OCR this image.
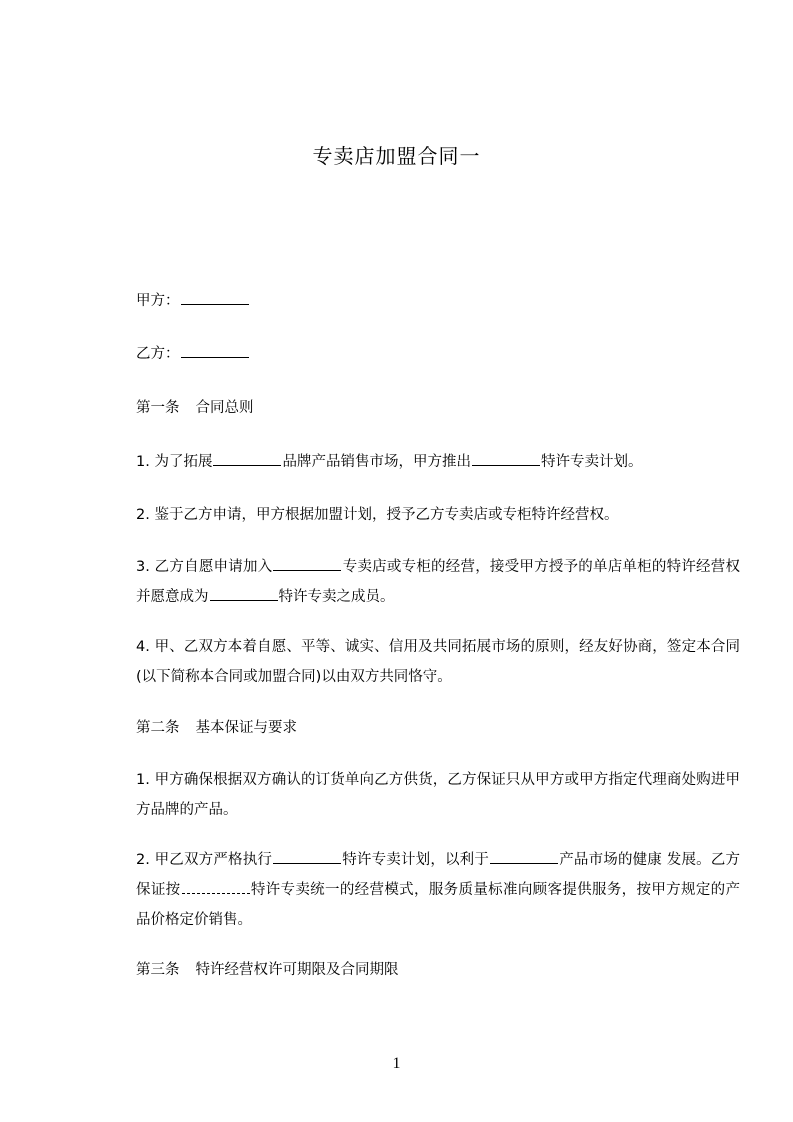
专卖店加盟合同一

甲方：

乙方：

第一条 合同总则

1. 为了拓展	品牌产品销售市场，甲方推出	特许专卖计划。

2. 鉴于乙方申请，甲方根据加盟计划，授予乙方专卖店或专柜特许经营权。

3. 乙方自愿申请加入	专卖店或专柜的经营，接受甲方授予的单店单柜的特许经营权并愿意成为	特许专卖之成员。

4. 甲、乙双方本着自愿、平等、诚实、信用及共同拓展市场的原则，经友好协商，签定本合同(以下简称本合同或加盟合同)以由双方共同恪守。

第二条 基本保证与要求

1. 甲方确保根据双方确认的订货单向乙方供货，乙方保证只从甲方或甲方指定代理商处购进甲方品牌的产品。

2. 甲乙双方严格执行	特许专卖计划，以利于	产品市场的健康 发展。乙方保证按	特许专卖统一的经营模式，服务质量标准向顾客提供服务，按甲方规定的产品价格定价销售。

第三条 特许经营权许可期限及合同期限

1
